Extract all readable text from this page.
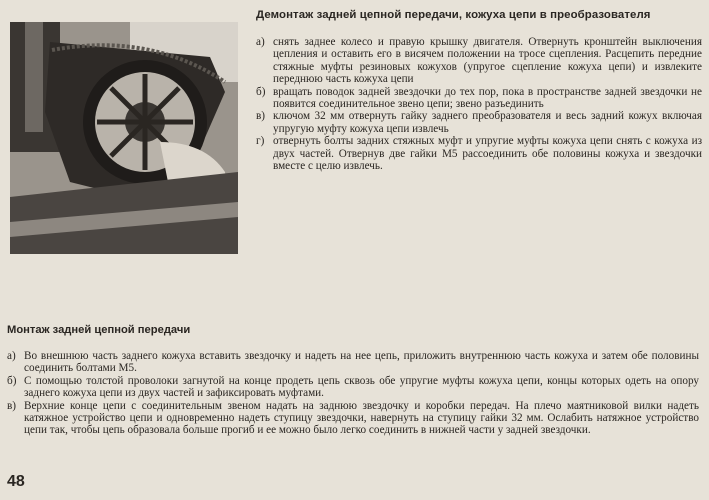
Демонтаж задней цепной передачи, кожуха цепи в преобразователя
а) снять заднее колесо и правую крышку двигателя. Отвернуть кронштейн выключения цепления и оставить его в висячем положении на тросе сцепления. Расцепить передние стяжные муфты резиновых кожухов (упругое сцепление кожуха цепи) и извлеките переднюю часть кожуха цепи
б) вращать поводок задней звездочки до тех пор, пока в пространстве задней звездочки не появится соединительное звено цепи; звено разъединить
в) ключом 32 мм отвернуть гайку заднего преобразователя и весь задний кожух включая упругую муфту кожуха цепи извлечь
г) отвернуть болты задних стяжных муфт и упругие муфты кожуха цепи снять с кожуха из двух частей. Отвернув две гайки М5 рассоединить обе половины кожуха и звездочки вместе с целю извлечь.
Монтаж задней цепной передачи
а) Во внешнюю часть заднего кожуха вставить звездочку и надеть на нее цепь, приложить внутреннюю часть кожуха и затем обе половины соединить болтами М5.
б) С помощью толстой проволоки загнутой на конце продеть цепь сквозь обе упругие муфты кожуха цепи, концы которых одеть на опору заднего кожуха цепи из двух частей и зафиксировать муфтами.
в) Верхние конце цепи с соединительным звеном надать на заднюю звездочку и коробки передач. На плечо маятниковой вилки надеть катяжное устройство цепи и одновременно надеть ступицу звездочки, навернуть на ступицу гайки 32 мм. Ослабить натяжное устройство цепи так, чтобы цепь образовала больше прогиб и ее можно было легко соединить в нижней части у задней звездочки.
48
